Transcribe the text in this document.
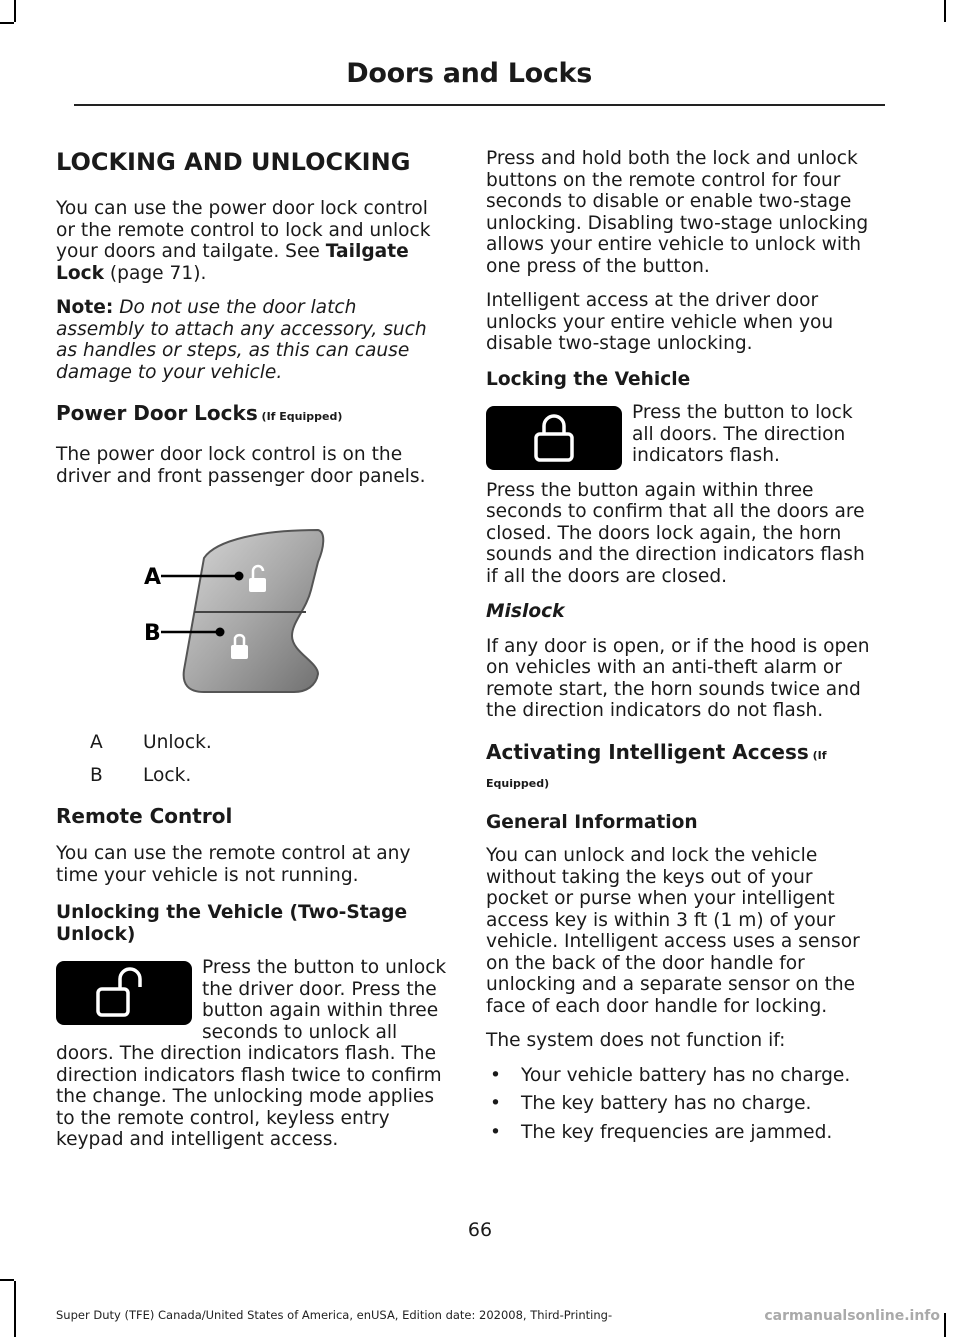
Doors and Locks
LOCKING AND UNLOCKING

You can use the power door lock control or the remote control to lock and unlock your doors and tailgate. See Tailgate Lock (page 71).

Note: Do not use the door latch assembly to attach any accessory, such as handles or steps, as this can cause damage to your vehicle.

Power Door Locks (If Equipped)

The power door lock control is on the driver and front passenger door panels.

A
B
A	Unlock.
B	Lock.
Remote Control

You can use the remote control at any time your vehicle is not running.

Unlocking the Vehicle (Two-Stage Unlock)

Press the button to unlock the driver door. Press the button again within three seconds to unlock all doors. The direction indicators flash. The direction indicators flash twice to confirm the change. The unlocking mode applies to the remote control, keyless entry keypad and intelligent access.

Press and hold both the lock and unlock buttons on the remote control for four seconds to disable or enable two-stage unlocking. Disabling two-stage unlocking allows your entire vehicle to unlock with one press of the button.

Intelligent access at the driver door unlocks your entire vehicle when you disable two-stage unlocking.

Locking the Vehicle

Press the button to lock all doors. The direction indicators flash.

Press the button again within three seconds to confirm that all the doors are closed. The doors lock again, the horn sounds and the direction indicators flash if all the doors are closed.

Mislock

If any door is open, or if the hood is open on vehicles with an anti-theft alarm or remote start, the horn sounds twice and the direction indicators do not flash.

Activating Intelligent Access (If Equipped)
General Information

You can unlock and lock the vehicle without taking the keys out of your pocket or purse when your intelligent access key is within 3 ft (1 m) of your vehicle. Intelligent access uses a sensor on the back of the door handle for unlocking and a separate sensor on the face of each door handle for locking.

The system does not function if:

•	Your vehicle battery has no charge.
•	The key battery has no charge.
•	The key frequencies are jammed.
66
Super Duty (TFE) Canada/United States of America, enUSA, Edition date: 202008, Third-Printing-	carmanualsonline.info
